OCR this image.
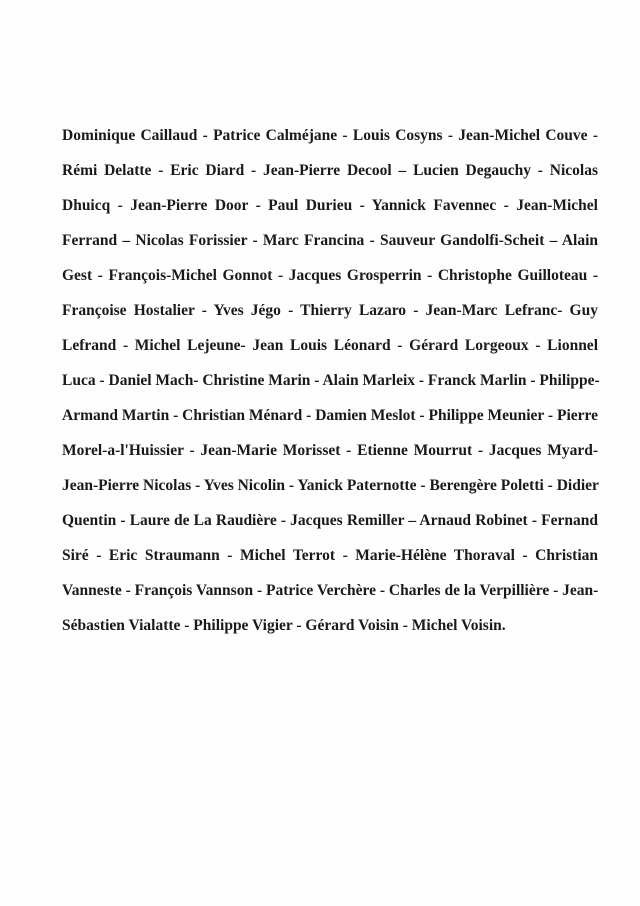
Dominique Caillaud - Patrice Calméjane - Louis Cosyns - Jean-Michel Couve -
Rémi Delatte - Eric Diard - Jean-Pierre Decool – Lucien Degauchy - Nicolas
Dhuicq - Jean-Pierre Door - Paul Durieu - Yannick Favennec - Jean-Michel
Ferrand – Nicolas Forissier - Marc Francina - Sauveur Gandolfi-Scheit – Alain
Gest - François-Michel Gonnot - Jacques Grosperrin - Christophe Guilloteau -
Françoise Hostalier - Yves Jégo - Thierry Lazaro - Jean-Marc Lefranc- Guy
Lefrand - Michel Lejeune- Jean Louis Léonard - Gérard Lorgeoux - Lionnel
Luca - Daniel Mach- Christine Marin - Alain Marleix - Franck Marlin - Philippe-
Armand Martin - Christian Ménard - Damien Meslot - Philippe Meunier - Pierre
Morel-a-l'Huissier - Jean-Marie Morisset - Etienne Mourrut - Jacques Myard-
Jean-Pierre Nicolas - Yves Nicolin - Yanick Paternotte - Berengère Poletti - Didier
Quentin - Laure de La Raudière - Jacques Remiller – Arnaud Robinet - Fernand
Siré - Eric Straumann - Michel Terrot - Marie-Hélène Thoraval - Christian
Vanneste - François Vannson - Patrice Verchère - Charles de la Verpillière - Jean-
Sébastien Vialatte - Philippe Vigier - Gérard Voisin - Michel Voisin.
